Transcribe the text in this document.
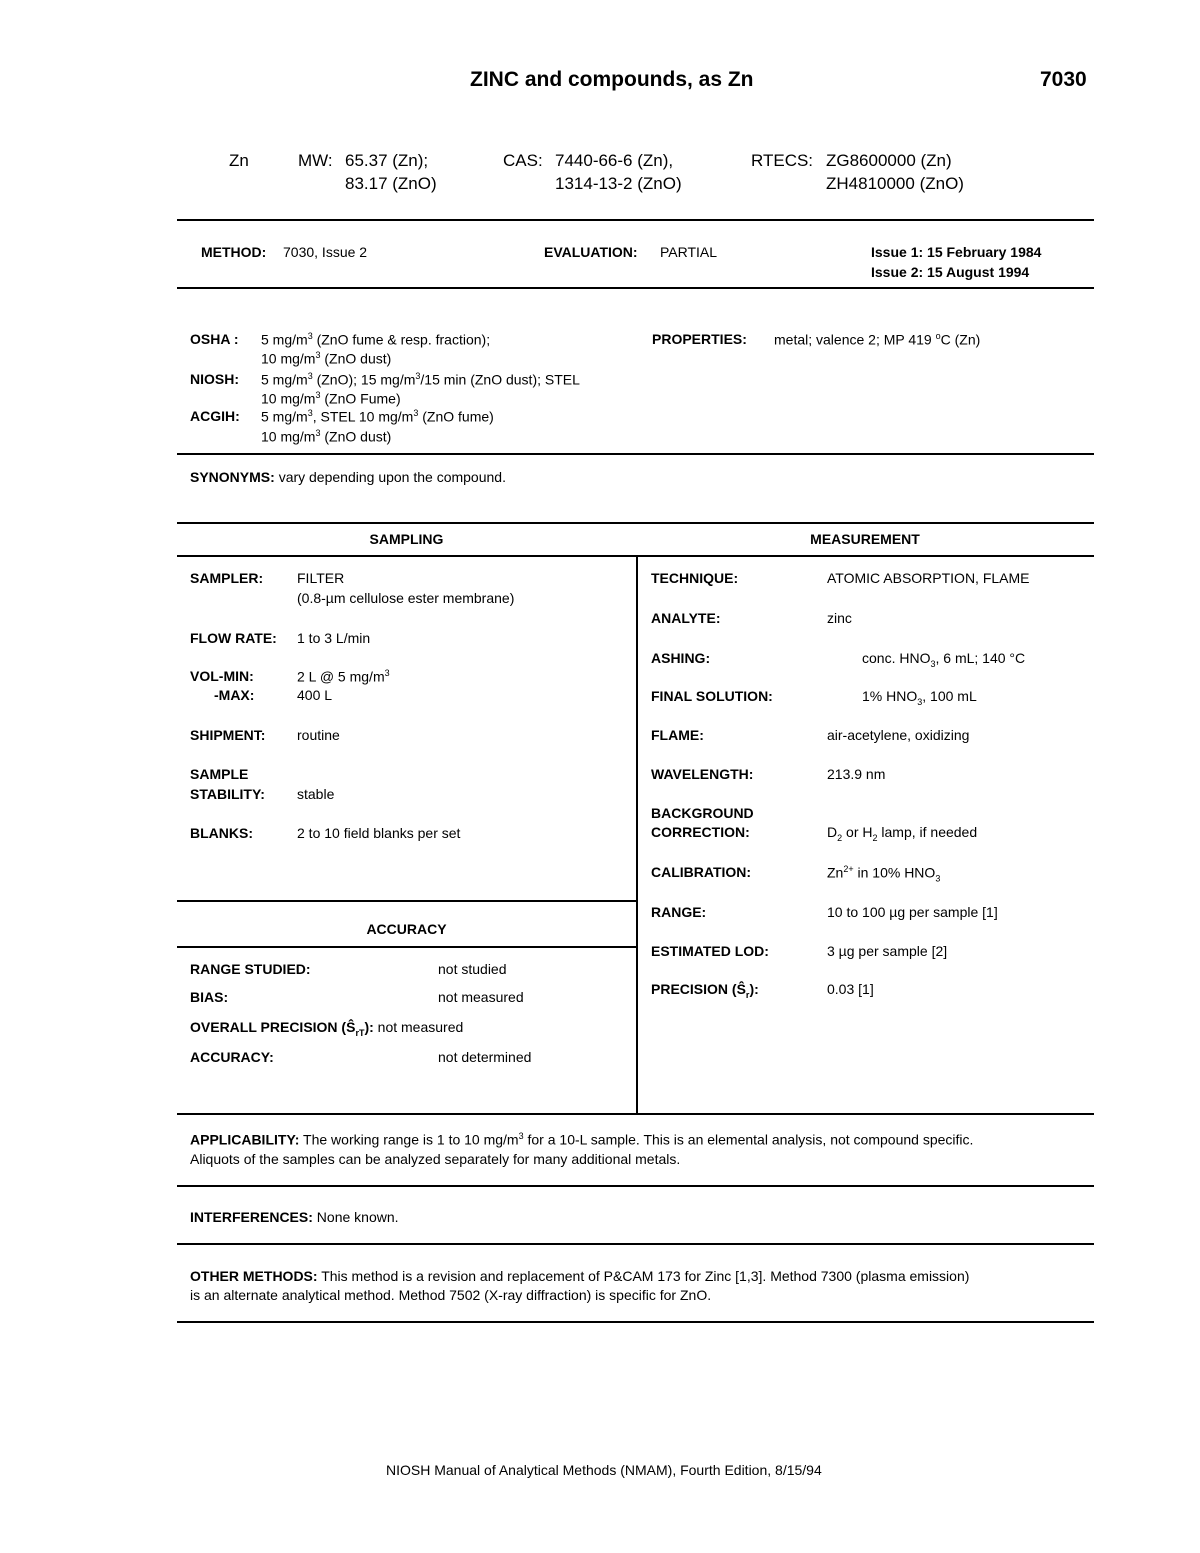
ZINC and compounds, as Zn	7030
Zn	MW: 65.37 (Zn);
83.17 (ZnO)
CAS: 7440-66-6 (Zn),
1314-13-2 (ZnO)
RTECS: ZG8600000 (Zn)
ZH4810000 (ZnO)
METHOD: 7030, Issue 2	EVALUATION: PARTIAL	Issue 1: 15 February 1984
Issue 2: 15 August 1994
OSHA : 5 $mg/m^3$ (ZnO fume & resp. fraction);
10 $mg/m^3$ (ZnO dust)
NIOSH: 5 $mg/m^3$ (ZnO); 15 $mg/m^3/15$ min (ZnO dust); STEL
10 $mg/m^3$ (ZnO Fume)
ACGIH: 5 $mg/m^3$, STEL 10 $mg/m^3$ (ZnO fume)
10 $mg/m^3$ (ZnO dust)
PROPERTIES: metal; valence 2; MP 419 $^o$C (Zn)
SYNONYMS: vary depending upon the compound.
SAMPLING	MEASUREMENT
SAMPLER: FILTER
(0.8-µm cellulose ester membrane)
FLOW RATE: 1 to 3 L/min
VOL-MIN:	2 L @ 5 $mg/m^3$
-MAX:	400 L
SHIPMENT: routine
SAMPLE
STABILITY: stable
BLANKS:	2 to 10 field blanks per set
ACCURACY
RANGE STUDIED:	not studied
BIAS:	not measured
OVERALL PRECISION $(Ŝ_{rT})$: not measured
ACCURACY:	not determined
TECHNIQUE:	ATOMIC ABSORPTION, FLAME
ANALYTE:	zinc
ASHING:	conc. $HNO_3$, 6 mL; 140 °C
FINAL SOLUTION:	1% $HNO_3$, 100 mL
FLAME:	air-acetylene, oxidizing
WAVELENGTH:	213.9 nm
BACKGROUND
CORRECTION:	$D_2$ or $H_2$ lamp, if needed
CALIBRATION:	$Zn^{2+}$ in 10% $HNO_3$
RANGE:	10 to 100 µg per sample [1]
ESTIMATED LOD:	3 µg per sample [2]
PRECISION $(Ŝ_r)$:	0.03 [1]
APPLICABILITY: The working range is 1 to 10 $mg/m^3$ for a 10-L sample. This is an elemental analysis, not compound specific.
Aliquots of the samples can be analyzed separately for many additional metals.
INTERFERENCES: None known.
OTHER METHODS: This method is a revision and replacement of P&CAM 173 for Zinc [1,3]. Method 7300 (plasma emission)
is an alternate analytical method. Method 7502 (X-ray diffraction) is specific for ZnO.
NIOSH Manual of Analytical Methods (NMAM), Fourth Edition, 8/15/94
